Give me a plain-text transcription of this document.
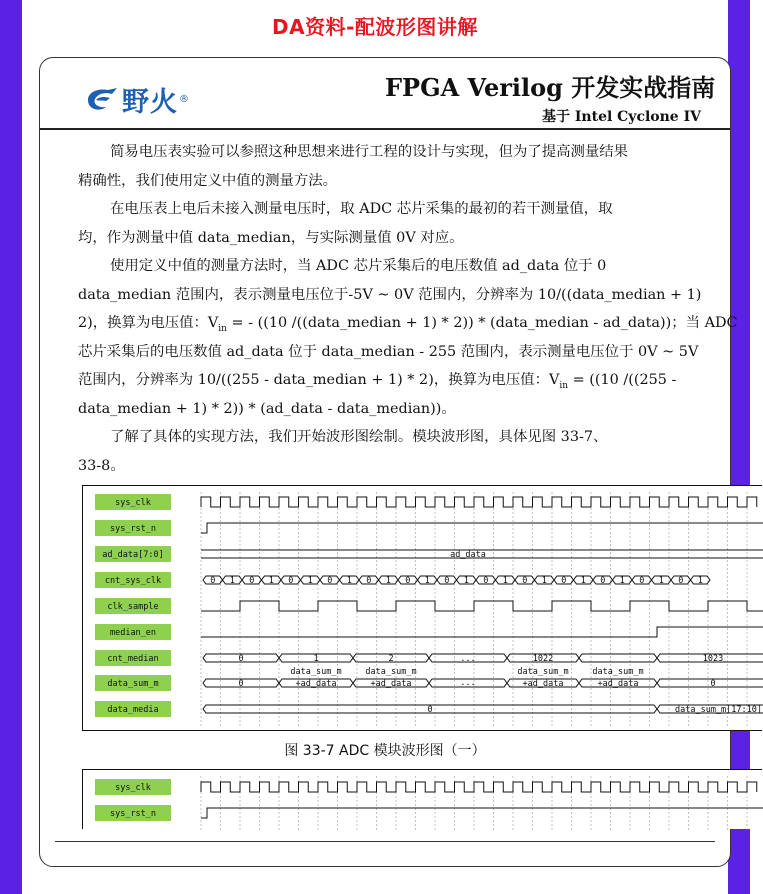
DA资料-配波形图讲解
野火 ®	FPGA Verilog 开发实战指南
基于 Intel Cyclone IV
简易电压表实验可以参照这种思想来进行工程的设计与实现，但为了提高测量结果
精确性，我们使用定义中值的测量方法。
在电压表上电后未接入测量电压时，取 ADC 芯片采集的最初的若干测量值，取
均，作为测量中值 data_median，与实际测量值 0V 对应。
使用定义中值的测量方法时，当 ADC 芯片采集后的电压数值 ad_data 位于 0
data_median 范围内，表示测量电压位于-5V ~ 0V 范围内，分辨率为 10/((data_median + 1)
2)，换算为电压值：$V_{in}$ = - ((10 /((data_median + 1) * 2)) * (data_median - ad_data))；当 ADC
芯片采集后的电压数值 ad_data 位于 data_median - 255 范围内，表示测量电压位于 0V ~ 5V
范围内，分辨率为 10/((255 - data_median + 1) * 2)，换算为电压值：$V_{in} = ((10$ /((255 -
data_median + 1) * 2)) * (ad_data - data_median))。
了解了具体的实现方法，我们开始波形图绘制。模块波形图，具体见图 33-7、
33-8。
sys_clk
sys_rst_n
ad_data[7:0]
cnt_sys_clk
clk_sample
median_en
cnt_median
data_sum_m
data_media
ad_data
0 1 0 1 0 1 0 1 0 1 0 1 0 1 0 1 0 1 0 1 0 1 0 1 0 1
0	1	2	...	1022	1023
0	+ad_data	+ad_data	+ad_data	+ad_data	0
data_sum_m	data_sum_m	data_sum_m	data_sum_m
...
0	data_sum_m[17:10]
图 33-7 ADC 模块波形图（一）
sys_clk
sys_rst_n
